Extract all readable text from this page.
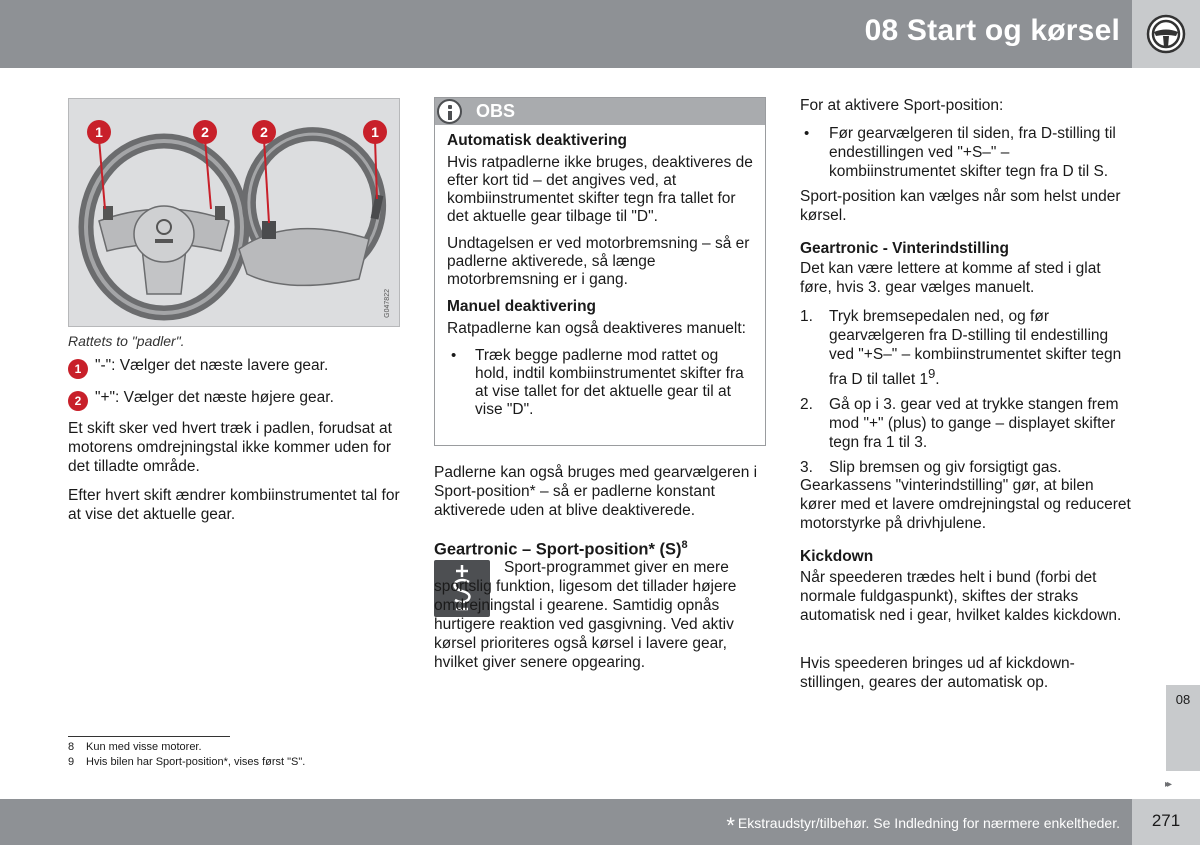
08 Start og kørsel
1	2	2	1
G047822
Rattets to "padler".
1 "-": Vælger det næste lavere gear.
2 "+": Vælger det næste højere gear.
Et skift sker ved hvert træk i padlen, forudsat at motorens omdrejningstal ikke kommer uden for det tilladte område.
Efter hvert skift ændrer kombiinstrumentet tal for at vise det aktuelle gear.
OBS
Automatisk deaktivering

Hvis ratpadlerne ikke bruges, deaktiveres de efter kort tid – det angives ved, at kombiinstrumentet skifter tegn fra tallet for det aktuelle gear tilbage til "D".

Undtagelsen er ved motorbremsning – så er padlerne aktiverede, så længe motorbremsning er i gang.

Manuel deaktivering

Ratpadlerne kan også deaktiveres manuelt:

• Træk begge padlerne mod rattet og hold, indtil kombiinstrumentet skifter fra at vise tallet for det aktuelle gear til at vise "D".

Padlerne kan også bruges med gearvælgeren i Sport-position* – så er padlerne konstant aktiverede uden at blive deaktiverede.
Geartronic – Sport-position* $(S)^8$
Sport-programmet giver en mere sportslig funktion, ligesom det tillader højere omdrejningstal i gearene. Samtidig opnås hurtigere reaktion ved gasgivning. Ved aktiv kørsel prioriteres også kørsel i lavere gear, hvilket giver senere opgearing.
For at aktivere Sport-position:
• Før gearvælgeren til siden, fra D-stilling til endestillingen ved "+S–" – kombiinstrumentet skifter tegn fra D til S.
Sport-position kan vælges når som helst under kørsel.
Geartronic - Vinterindstilling
Det kan være lettere at komme af sted i glat føre, hvis 3. gear vælges manuelt.
1. Tryk bremsepedalen ned, og før gearvælgeren fra D-stilling til endestilling ved "+S–" – kombiinstrumentet skifter tegn fra D til tallet $1^9$.
2. Gå op i 3. gear ved at trykke stangen frem mod "+" (plus) to gange – displayet skifter tegn fra 1 til 3.
3. Slip bremsen og giv forsigtigt gas.
Gearkassens "vinterindstilling" gør, at bilen kører med et lavere omdrejningstal og reduceret motorstyrke på drivhjulene.
Kickdown
Når speederen trædes helt i bund (forbi det normale fuldgaspunkt), skiftes der straks automatisk ned i gear, hvilket kaldes kickdown.
Hvis speederen bringes ud af kickdown-stillingen, geares der automatisk op.
8 Kun med visse motorer.
9 Hvis bilen har Sport-position*, vises først "S".
08
▸▸
* Ekstraudstyr/tilbehør. Se Indledning for nærmere enkeltheder.	271
